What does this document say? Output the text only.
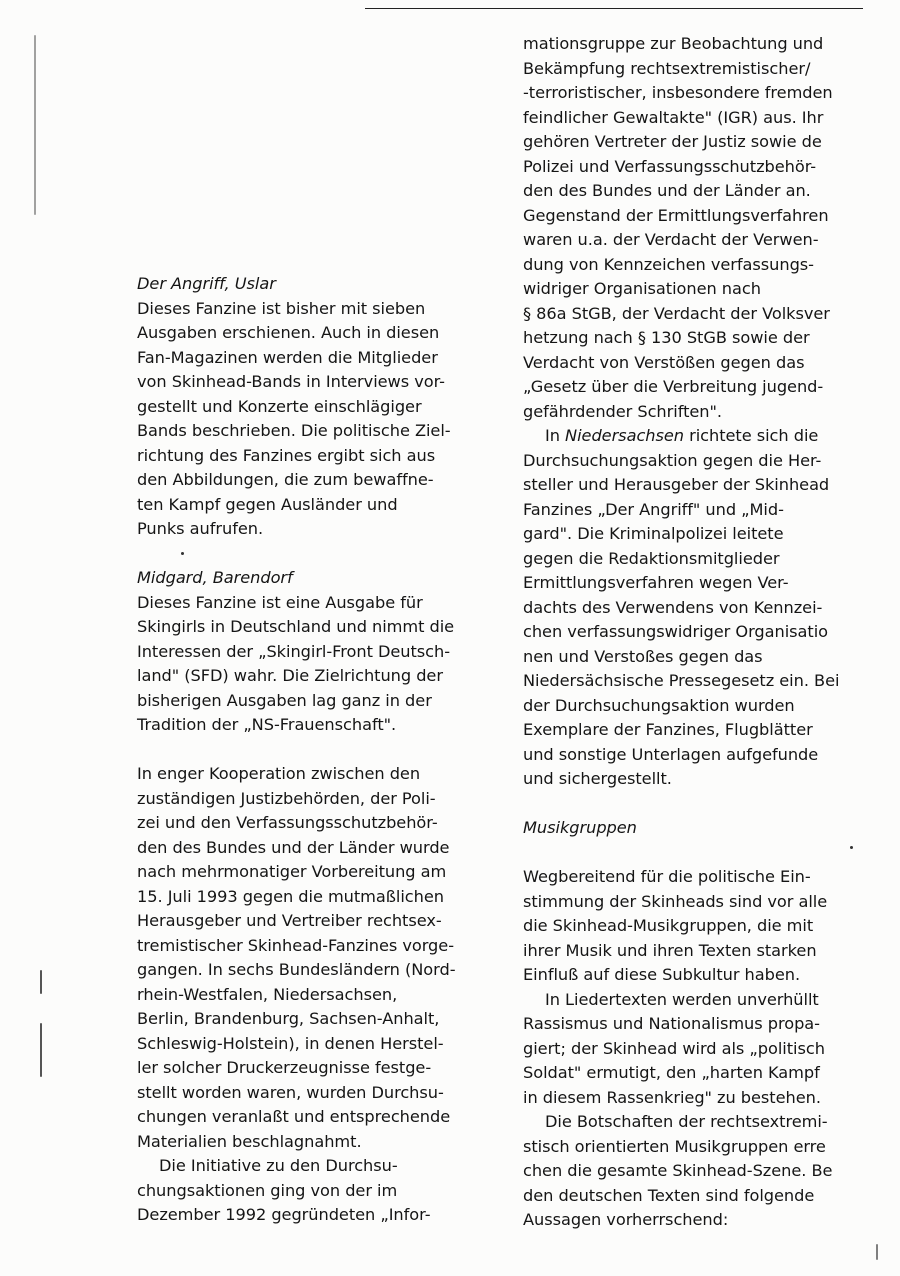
Der Angriff, Uslar
Dieses Fanzine ist bisher mit sieben
Ausgaben erschienen. Auch in diesen
Fan-Magazinen werden die Mitglieder
von Skinhead-Bands in Interviews vor-
gestellt und Konzerte einschlägiger
Bands beschrieben. Die politische Ziel-
richtung des Fanzines ergibt sich aus
den Abbildungen, die zum bewaffne-
ten Kampf gegen Ausländer und
Punks aufrufen.
Midgard, Barendorf
Dieses Fanzine ist eine Ausgabe für
Skingirls in Deutschland und nimmt die
Interessen der „Skingirl-Front Deutsch-
land" (SFD) wahr. Die Zielrichtung der
bisherigen Ausgaben lag ganz in der
Tradition der „NS-Frauenschaft".
In enger Kooperation zwischen den
zuständigen Justizbehörden, der Poli-
zei und den Verfassungsschutzbehör-
den des Bundes und der Länder wurde
nach mehrmonatiger Vorbereitung am
15. Juli 1993 gegen die mutmaßlichen
Herausgeber und Vertreiber rechtsex-
tremistischer Skinhead-Fanzines vorge-
gangen. In sechs Bundesländern (Nord-
rhein-Westfalen, Niedersachsen,
Berlin, Brandenburg, Sachsen-Anhalt,
Schleswig-Holstein), in denen Herstel-
ler solcher Druckerzeugnisse festge-
stellt worden waren, wurden Durchsu-
chungen veranlaßt und entsprechende
Materialien beschlagnahmt.
Die Initiative zu den Durchsu-
chungsaktionen ging von der im
Dezember 1992 gegründeten „Infor-
mationsgruppe zur Beobachtung und
Bekämpfung rechtsextremistischer/
-terroristischer, insbesondere fremden
feindlicher Gewaltakte" (IGR) aus. Ihr
gehören Vertreter der Justiz sowie de
Polizei und Verfassungsschutzbehör-
den des Bundes und der Länder an.
Gegenstand der Ermittlungsverfahren
waren u.a. der Verdacht der Verwen-
dung von Kennzeichen verfassungs-
widriger Organisationen nach
§ 86a StGB, der Verdacht der Volksver
hetzung nach § 130 StGB sowie der
Verdacht von Verstößen gegen das
„Gesetz über die Verbreitung jugend-
gefährdender Schriften".
In Niedersachsen richtete sich die
Durchsuchungsaktion gegen die Her-
steller und Herausgeber der Skinhead
Fanzines „Der Angriff" und „Mid-
gard". Die Kriminalpolizei leitete
gegen die Redaktionsmitglieder
Ermittlungsverfahren wegen Ver-
dachts des Verwendens von Kennzei-
chen verfassungswidriger Organisatio
nen und Verstoßes gegen das
Niedersächsische Pressegesetz ein. Bei
der Durchsuchungsaktion wurden
Exemplare der Fanzines, Flugblätter
und sonstige Unterlagen aufgefunde
und sichergestellt.
Musikgruppen
Wegbereitend für die politische Ein-
stimmung der Skinheads sind vor alle
die Skinhead-Musikgruppen, die mit
ihrer Musik und ihren Texten starken
Einfluß auf diese Subkultur haben.
In Liedertexten werden unverhüllt
Rassismus und Nationalismus propa-
giert; der Skinhead wird als „politisch
Soldat" ermutigt, den „harten Kampf
in diesem Rassenkrieg" zu bestehen.
Die Botschaften der rechtsextremi-
stisch orientierten Musikgruppen erre
chen die gesamte Skinhead-Szene. Be
den deutschen Texten sind folgende
Aussagen vorherrschend:
